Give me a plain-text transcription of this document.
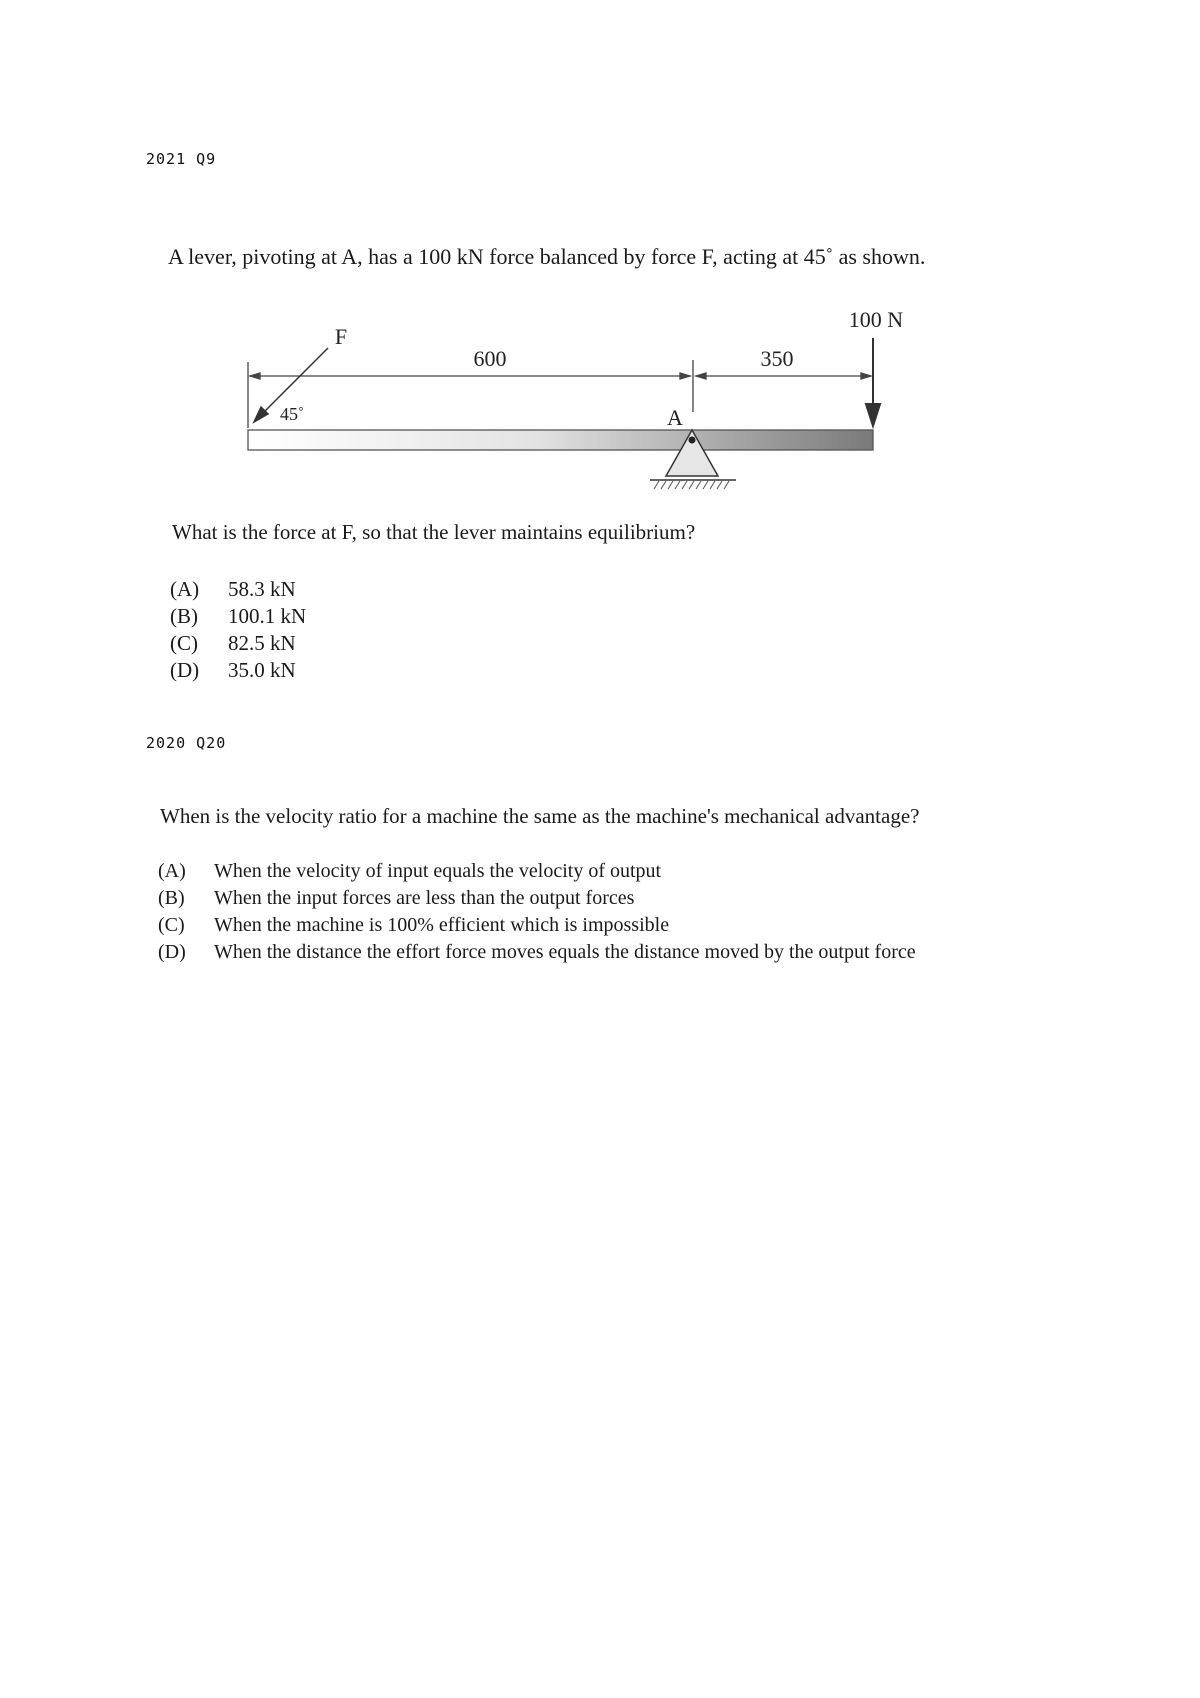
2021 Q9
A lever, pivoting at A, has a 100 kN force balanced by force F, acting at 45˚ as shown.
600	350
F
45˚	A
100 N
What is the force at F, so that the lever maintains equilibrium?
(A)	58.3 kN
(B)	100.1 kN
(C)	82.5 kN
(D)	35.0 kN
2020 Q20
When is the velocity ratio for a machine the same as the machine's mechanical advantage?
(A)	When the velocity of input equals the velocity of output
(B)	When the input forces are less than the output forces
(C)	When the machine is 100% efficient which is impossible
(D)	When the distance the effort force moves equals the distance moved by the output force
